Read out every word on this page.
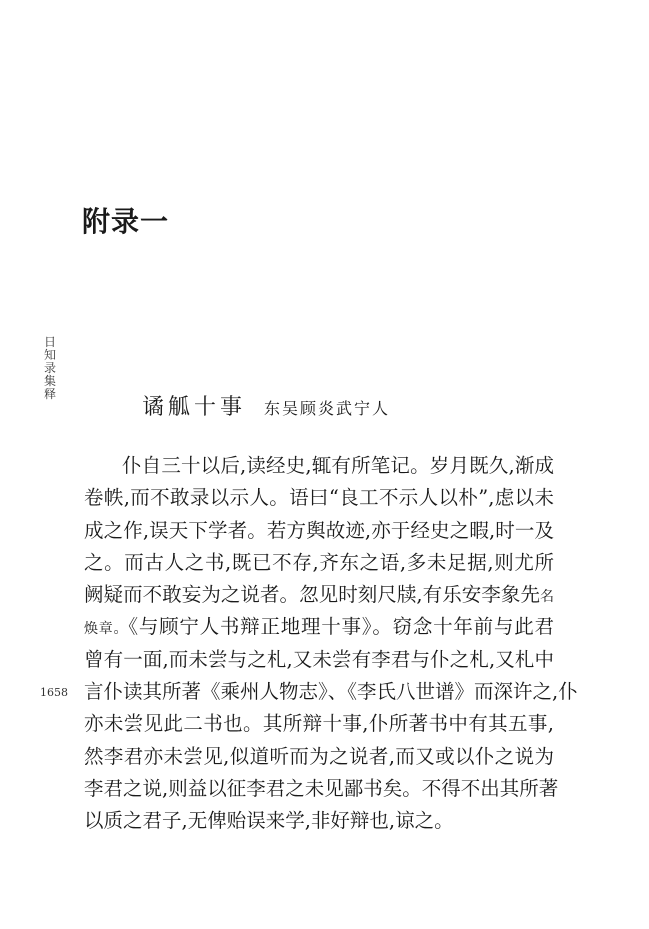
附录一
日知录集释
1658
谲觚十事 东吴顾炎武宁人
仆自三十以后,读经史,辄有所笔记。岁月既久,渐成
卷帙,而不敢录以示人。语曰“良工不示人以朴”,虑以未
成之作,误天下学者。若方舆故迹,亦于经史之暇,时一及
之。而古人之书,既已不存,齐东之语,多未足据,则尤所
阙疑而不敢妄为之说者。忽见时刻尺牍,有乐安李象先名
焕章。《与顾宁人书辩正地理十事》。窃念十年前与此君
曾有一面,而未尝与之札,又未尝有李君与仆之札,又札中
言仆读其所著《乘州人物志》、《李氏八世谱》而深许之,仆
亦未尝见此二书也。其所辩十事,仆所著书中有其五事,
然李君亦未尝见,似道听而为之说者,而又或以仆之说为
李君之说,则益以征李君之未见鄙书矣。不得不出其所著
以质之君子,无俾贻误来学,非好辩也,谅之。
